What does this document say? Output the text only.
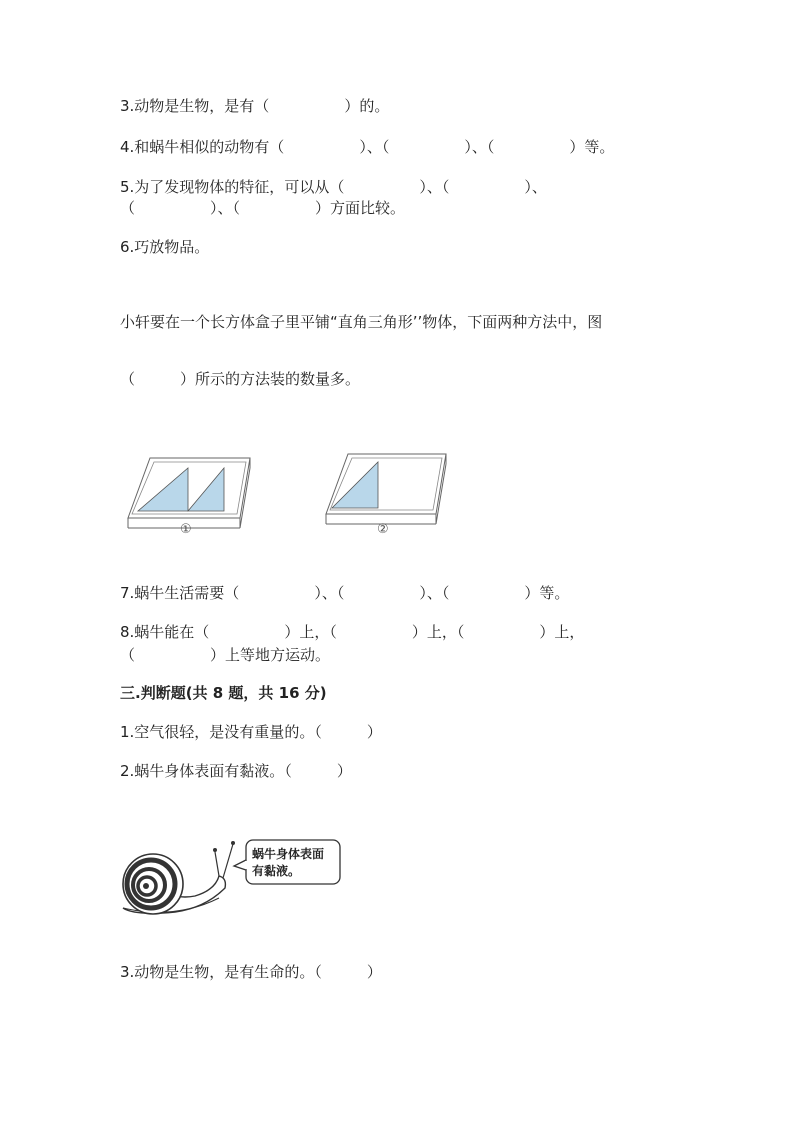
3.动物是生物，是有（　　　　　）的。
4.和蜗牛相似的动物有（　　　　　）、（　　　　　）、（　　　　　）等。
5.为了发现物体的特征，可以从（　　　　　）、（　　　　　）、
（　　　　　）、（　　　　　）方面比较。
6.巧放物品。
小轩要在一个长方体盒子里平铺“直角三角形’’物体，下面两种方法中，图
（　　　）所示的方法装的数量多。
①	②
7.蜗牛生活需要（　　　　　）、（　　　　　）、（　　　　　）等。
8.蜗牛能在（　　　　　）上，（　　　　　）上，（　　　　　）上，
（　　　　　）上等地方运动。
三.判断题(共 8 题，共 16 分)
1.空气很轻，是没有重量的。（　　　）
2.蜗牛身体表面有黏液。（　　　）
蜗牛身体表面
有黏液。
3.动物是生物，是有生命的。（　　　）
